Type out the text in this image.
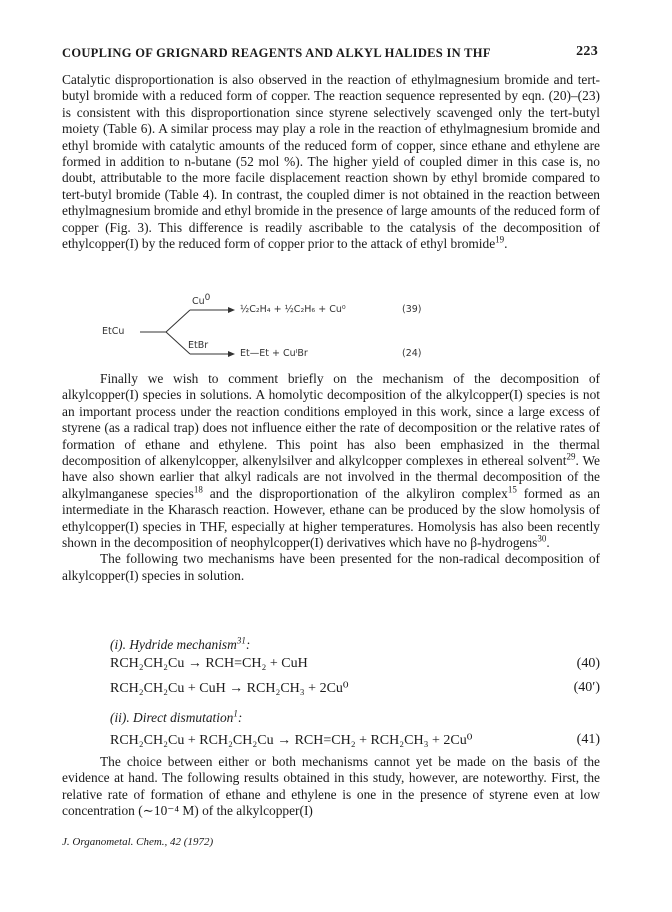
COUPLING OF GRIGNARD REAGENTS AND ALKYL HALIDES IN THF	223

Catalytic disproportionation is also observed in the reaction of ethylmagnesium bromide and tert-butyl bromide with a reduced form of copper. The reaction sequence represented by eqn. (20)–(23) is consistent with this disproportionation since styrene selectively scavenged only the tert-butyl moiety (Table 6). A similar process may play a role in the reaction of ethylmagnesium bromide and ethyl bromide with catalytic amounts of the reduced form of copper, since ethane and ethylene are formed in addition to n-butane (52 mol %). The higher yield of coupled dimer in this case is, no doubt, attributable to the more facile displacement reaction shown by ethyl bromide compared to tert-butyl bromide (Table 4). In contrast, the coupled dimer is not obtained in the reaction between ethylmagnesium bromide and ethyl bromide in the presence of large amounts of the reduced form of copper (Fig. 3). This difference is readily ascribable to the catalysis of the decomposition of ethylcopper(I) by the reduced form of copper prior to the attack of ethyl bromide$^{19}$.

EtCu
Cu$^0$
½C₂H₄ + ½C₂H₆ + Cu⁰	(39)
EtBr
Et—Et + CuᴵBr	(24)

Finally we wish to comment briefly on the mechanism of the decomposition of alkylcopper(I) species in solutions. A homolytic decomposition of the alkylcopper(I) species is not an important process under the reaction conditions employed in this work, since a large excess of styrene (as a radical trap) does not influence either the rate of decomposition or the relative rates of formation of ethane and ethylene. This point has also been emphasized in the thermal decomposition of alkenylcopper, alkenylsilver and alkylcopper complexes in ethereal solvent$^{29}$. We have also shown earlier that alkyl radicals are not involved in the thermal decomposition of the alkylmanganese species$^{18}$ and the disproportionation of the alkyliron complex$^{15}$ formed as an intermediate in the Kharasch reaction. However, ethane can be produced by the slow homolysis of ethylcopper(I) species in THF, especially at higher temperatures. Homolysis has also been recently shown in the decomposition of neophylcopper(I) derivatives which have no β-hydrogens$^{30}$.

The following two mechanisms have been presented for the non-radical decomposition of alkylcopper(I) species in solution.

(i). Hydride mechanism$^{31}$:
RCH₂CH₂Cu → RCH=CH₂ + CuH	(40)
RCH₂CH₂Cu + CuH → RCH₂CH₃ + 2Cu⁰	(40′)
(ii). Direct dismutation$^1$:
RCH₂CH₂Cu + RCH₂CH₂Cu → RCH=CH₂ + RCH₂CH₃ + 2Cu⁰	(41)

The choice between either or both mechanisms cannot yet be made on the basis of the evidence at hand. The following results obtained in this study, however, are noteworthy. First, the relative rate of formation of ethane and ethylene is one in the presence of styrene even at low concentration (∼10⁻⁴ M) of the alkylcopper(I)

J. Organometal. Chem., 42 (1972)
